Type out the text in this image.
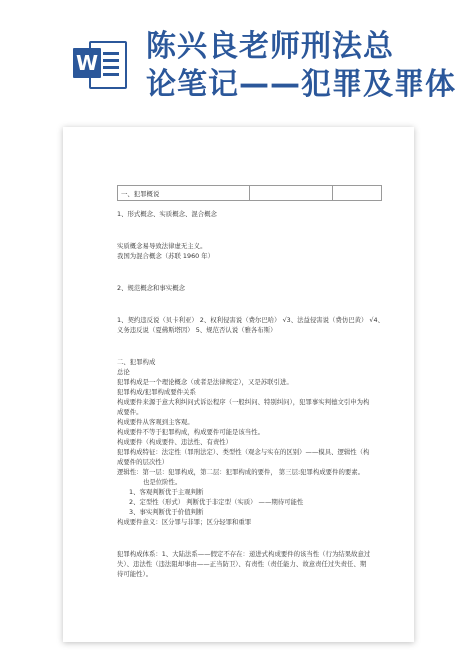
W 陈兴良老师刑法总
论笔记——犯罪及罪体
一、犯罪概说		
1、形式概念、实质概念、混合概念
实质概念易导致法律虚无主义。
我国为混合概念（苏联 1960 年）
2、规范概念和事实概念
1、契约违反说（贝卡利亚） 2、权利侵害说（费尔巴哈） √3、法益侵害说（费仿巴黄） √4、
义务违反说（夏佛斯塔因） 5、规范否认说（雅各布斯）
二、犯罪构成
总论
犯罪构成是一个理论概念（或者是法律规定），又是苏联引进。
犯罪构成/犯罪构成要件关系
构成要件来源于意大利纠问式诉讼程序（一般纠问、特别纠问），犯罪事实判德文引申为构
成要件。
构成要件从客观到主客观。
构成要件不等于犯罪构成，构成要件可能是该当性。
构成要件（构成要件、违法性、有责性）
犯罪构成特征：法定性（罪刑法定）、类型性（观念与实在的区别）——模具、逻辑性（构
成要件的层次性）
逻辑性：第一层：犯罪构成，第二层：犯罪构成的要件， 第三层:犯罪构成要件的要素。
也是位阶性。
1、客观判断优于主观判断
2、定型性（形式） 判断优于非定型（实质） ——期待可能性
3、事实判断优于价值判断
构成要件意义：区分罪与非罪；区分轻罪和重罪
犯罪构成体系：1、大陆法系——假定不存在：递进式构成要件的该当性（行为结果故意过
失）、违法性（违法阻却事由——正当防卫）、有责性（责任能力、故意责任过失责任、期
待可能性）。
